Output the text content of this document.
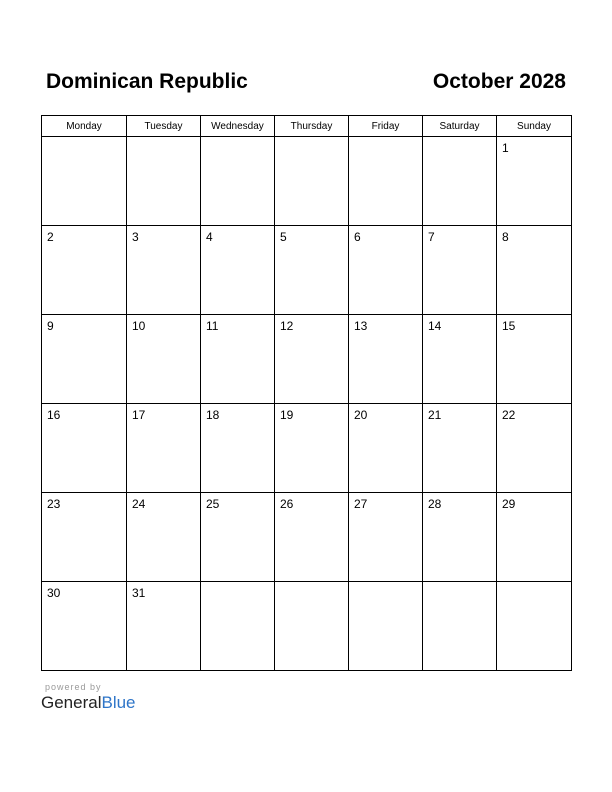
Dominican Republic	October 2028
Monday	Tuesday	Wednesday	Thursday	Friday	Saturday	Sunday

						1

2	3	4	5	6	7	8

9	10	11	12	13	14	15

16	17	18	19	20	21	22

23	24	25	26	27	28	29

30	31					

powered by
GeneralBlue
